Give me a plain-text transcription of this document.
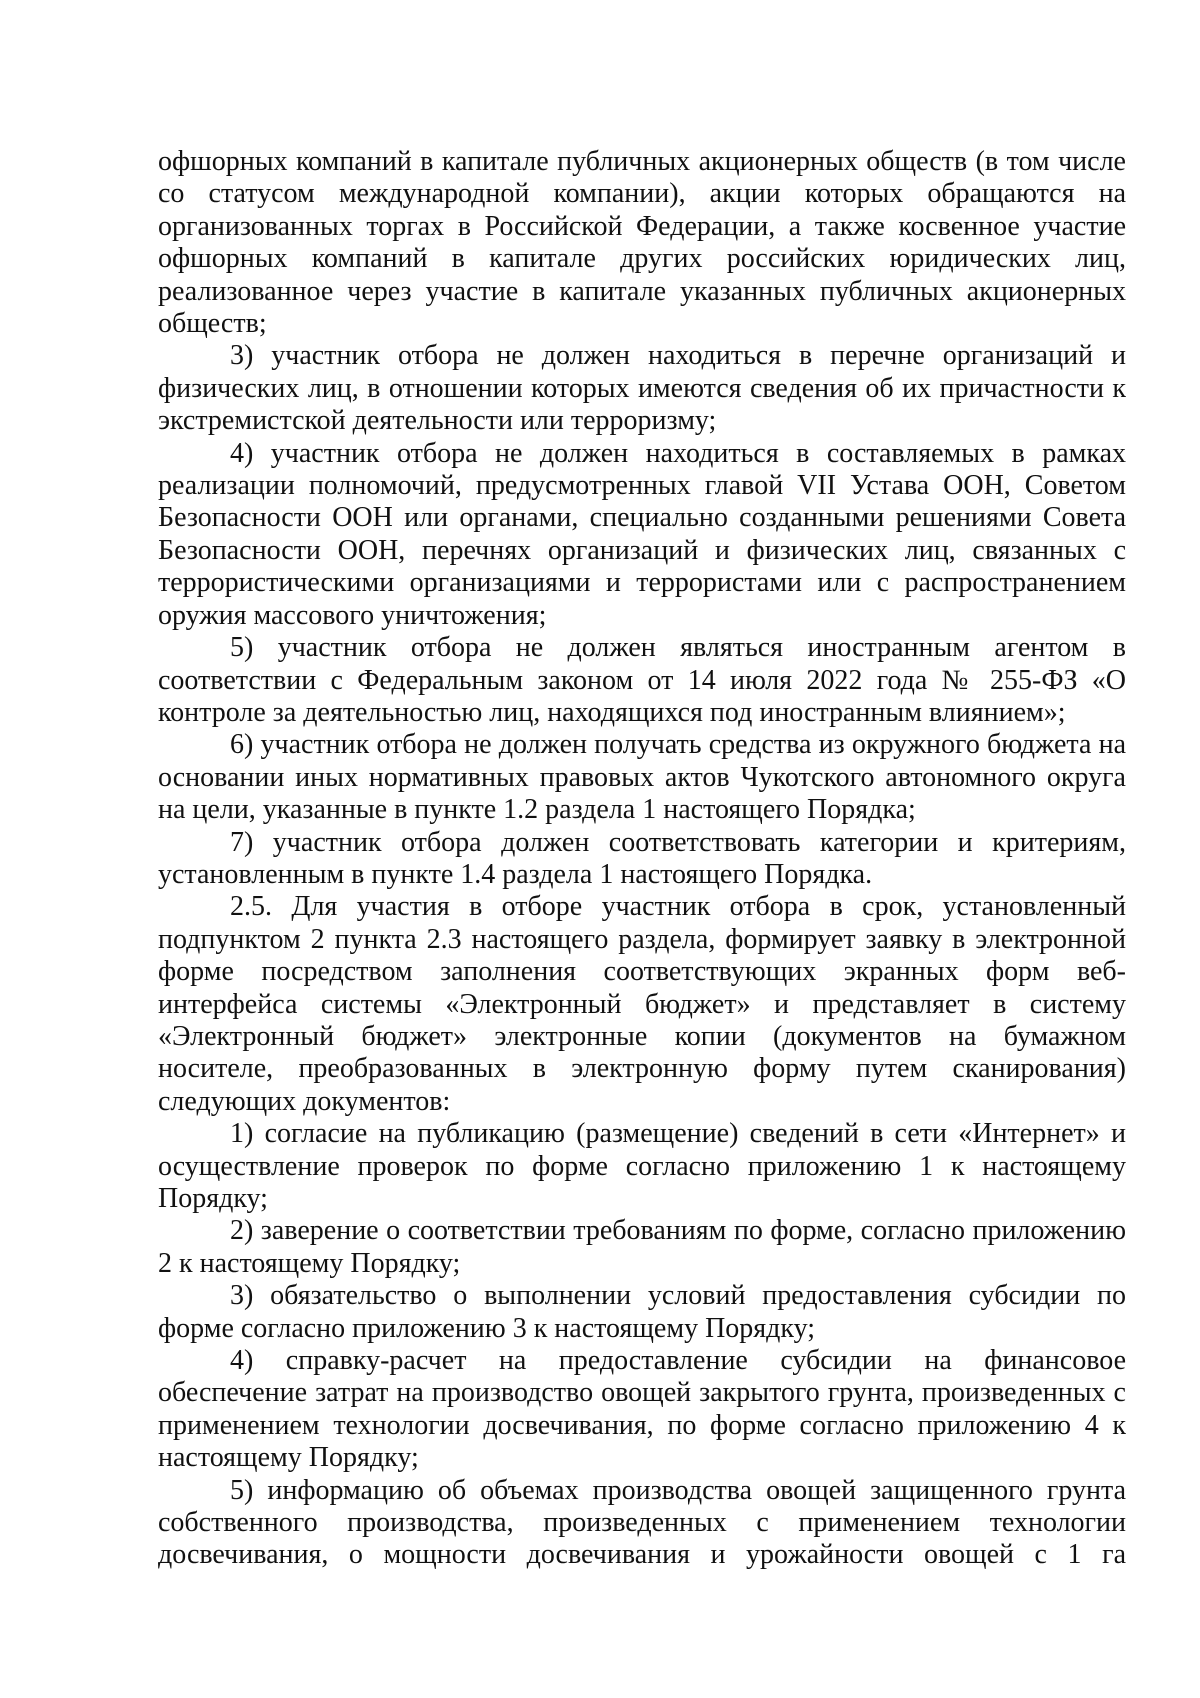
офшорных компаний в капитале публичных акционерных обществ (в том числе со статусом международной компании), акции которых обращаются на организованных торгах в Российской Федерации, а также косвенное участие офшорных компаний в капитале других российских юридических лиц, реализованное через участие в капитале указанных публичных акционерных обществ;

3) участник отбора не должен находиться в перечне организаций и физических лиц, в отношении которых имеются сведения об их причастности к экстремистской деятельности или терроризму;

4) участник отбора не должен находиться в составляемых в рамках реализации полномочий, предусмотренных главой VII Устава ООН, Советом Безопасности ООН или органами, специально созданными решениями Совета Безопасности ООН, перечнях организаций и физических лиц, связанных с террористическими организациями и террористами или с распространением оружия массового уничтожения;

5) участник отбора не должен являться иностранным агентом в соответствии с Федеральным законом от 14 июля 2022 года № 255-ФЗ «О контроле за деятельностью лиц, находящихся под иностранным влиянием»;

6) участник отбора не должен получать средства из окружного бюджета на основании иных нормативных правовых актов Чукотского автономного округа на цели, указанные в пункте 1.2 раздела 1 настоящего Порядка;

7) участник отбора должен соответствовать категории и критериям, установленным в пункте 1.4 раздела 1 настоящего Порядка.

2.5. Для участия в отборе участник отбора в срок, установленный подпунктом 2 пункта 2.3 настоящего раздела, формирует заявку в электронной форме посредством заполнения соответствующих экранных форм веб-интерфейса системы «Электронный бюджет» и представляет в систему «Электронный бюджет» электронные копии (документов на бумажном носителе, преобразованных в электронную форму путем сканирования) следующих документов:

1) согласие на публикацию (размещение) сведений в сети «Интернет» и осуществление проверок по форме согласно приложению 1 к настоящему Порядку;

2) заверение о соответствии требованиям по форме, согласно приложению 2 к настоящему Порядку;

3) обязательство о выполнении условий предоставления субсидии по форме согласно приложению 3 к настоящему Порядку;

4) справку-расчет на предоставление субсидии на финансовое обеспечение затрат на производство овощей закрытого грунта, произведенных с применением технологии досвечивания, по форме согласно приложению 4 к настоящему Порядку;

5) информацию об объемах производства овощей защищенного грунта собственного производства, произведенных с применением технологии досвечивания, о мощности досвечивания и урожайности овощей с 1 га
